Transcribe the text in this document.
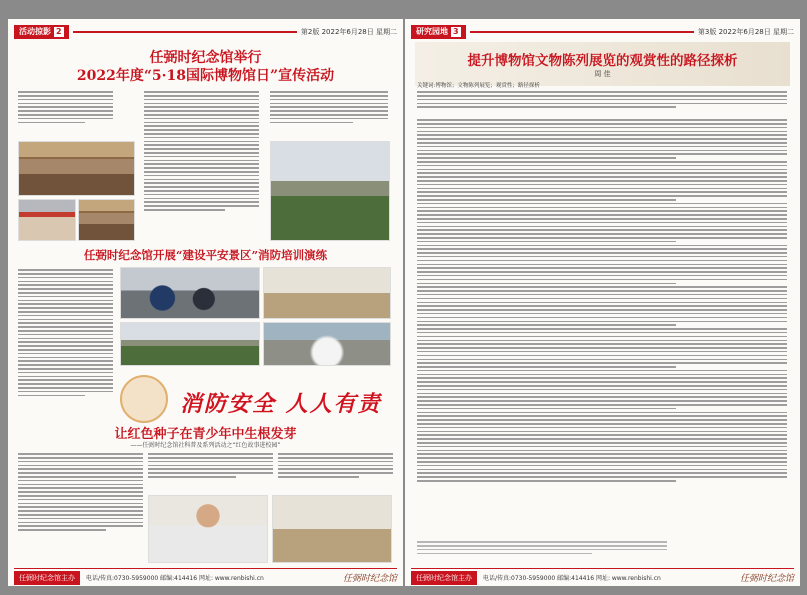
活动掠影 2	第2版 2022年6月28日 星期二
任弼时纪念馆举行
2022年度“5·18国际博物馆日”宣传活动
任弼时纪念馆开展“建设平安景区”消防培训演练
消防安全 人人有责
让红色种子在青少年中生根发芽
——任弼时纪念馆社科普及系列活动之“红色故事进校园”
任弼时纪念馆主办	电话/传真:0730-5959000 邮编:414416 网址: www.renbishi.cn	任弼时纪念馆
研究园地 3	第3版 2022年6月28日 星期二
提升博物馆文物陈列展览的观赏性的路径探析
周 佳
关键词:博物馆；文物陈列展览；观赏性；路径探析
任弼时纪念馆主办	电话/传真:0730-5959000 邮编:414416 网址: www.renbishi.cn	任弼时纪念馆
